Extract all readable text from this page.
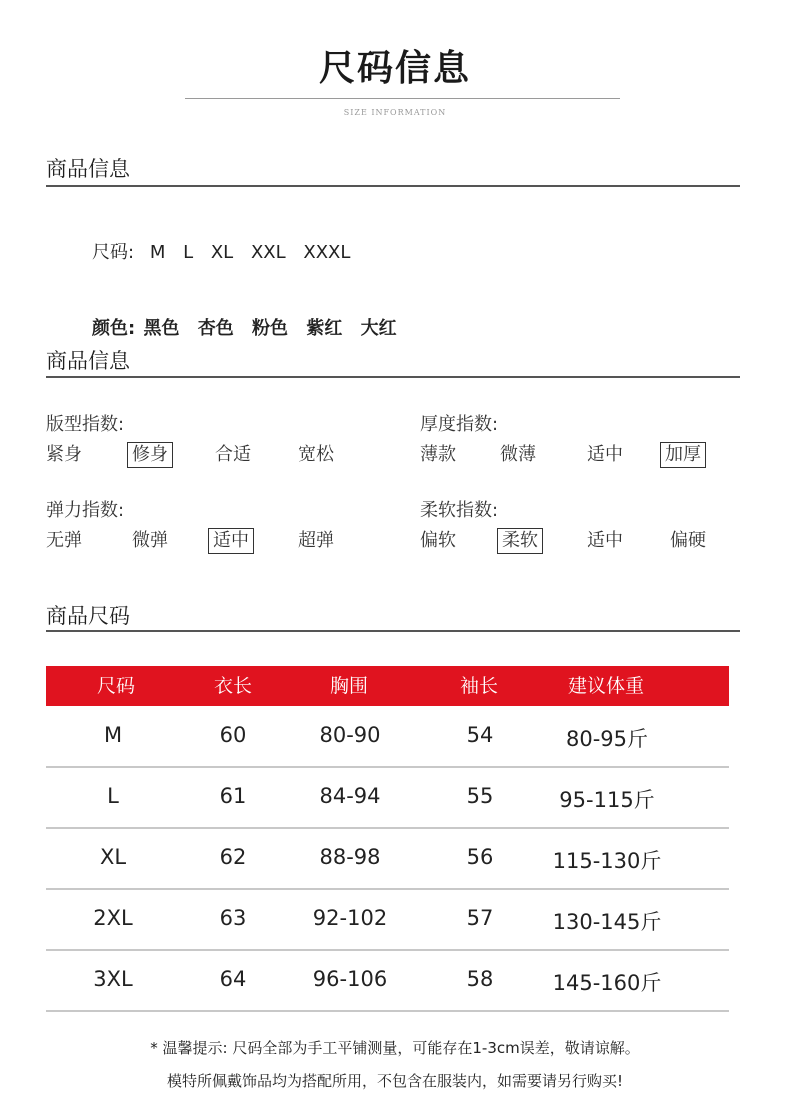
尺码信息
SIZE INFORMATION
商品信息
尺码: M L XL XXL XXXL
颜色: 黑色 杏色 粉色 紫红 大红
商品信息
版型指数:
紧身	修身	合适	宽松
厚度指数:
薄款 微薄	适中 加厚
弹力指数:
无弹	微弹	适中	超弹
柔软指数:
偏软	柔软	适中	偏硬
商品尺码
尺码	衣长	胸围	袖长	建议体重
M	60	80-90	54	80-95斤
L	61	84-94	55	95-115斤
XL	62	88-98	56	115-130斤
2XL	63	92-102	57	130-145斤
3XL	64	96-106	58	145-160斤
* 温馨提示: 尺码全部为手工平铺测量，可能存在1-3cm误差，敬请谅解。
模特所佩戴饰品均为搭配所用，不包含在服装内，如需要请另行购买!
